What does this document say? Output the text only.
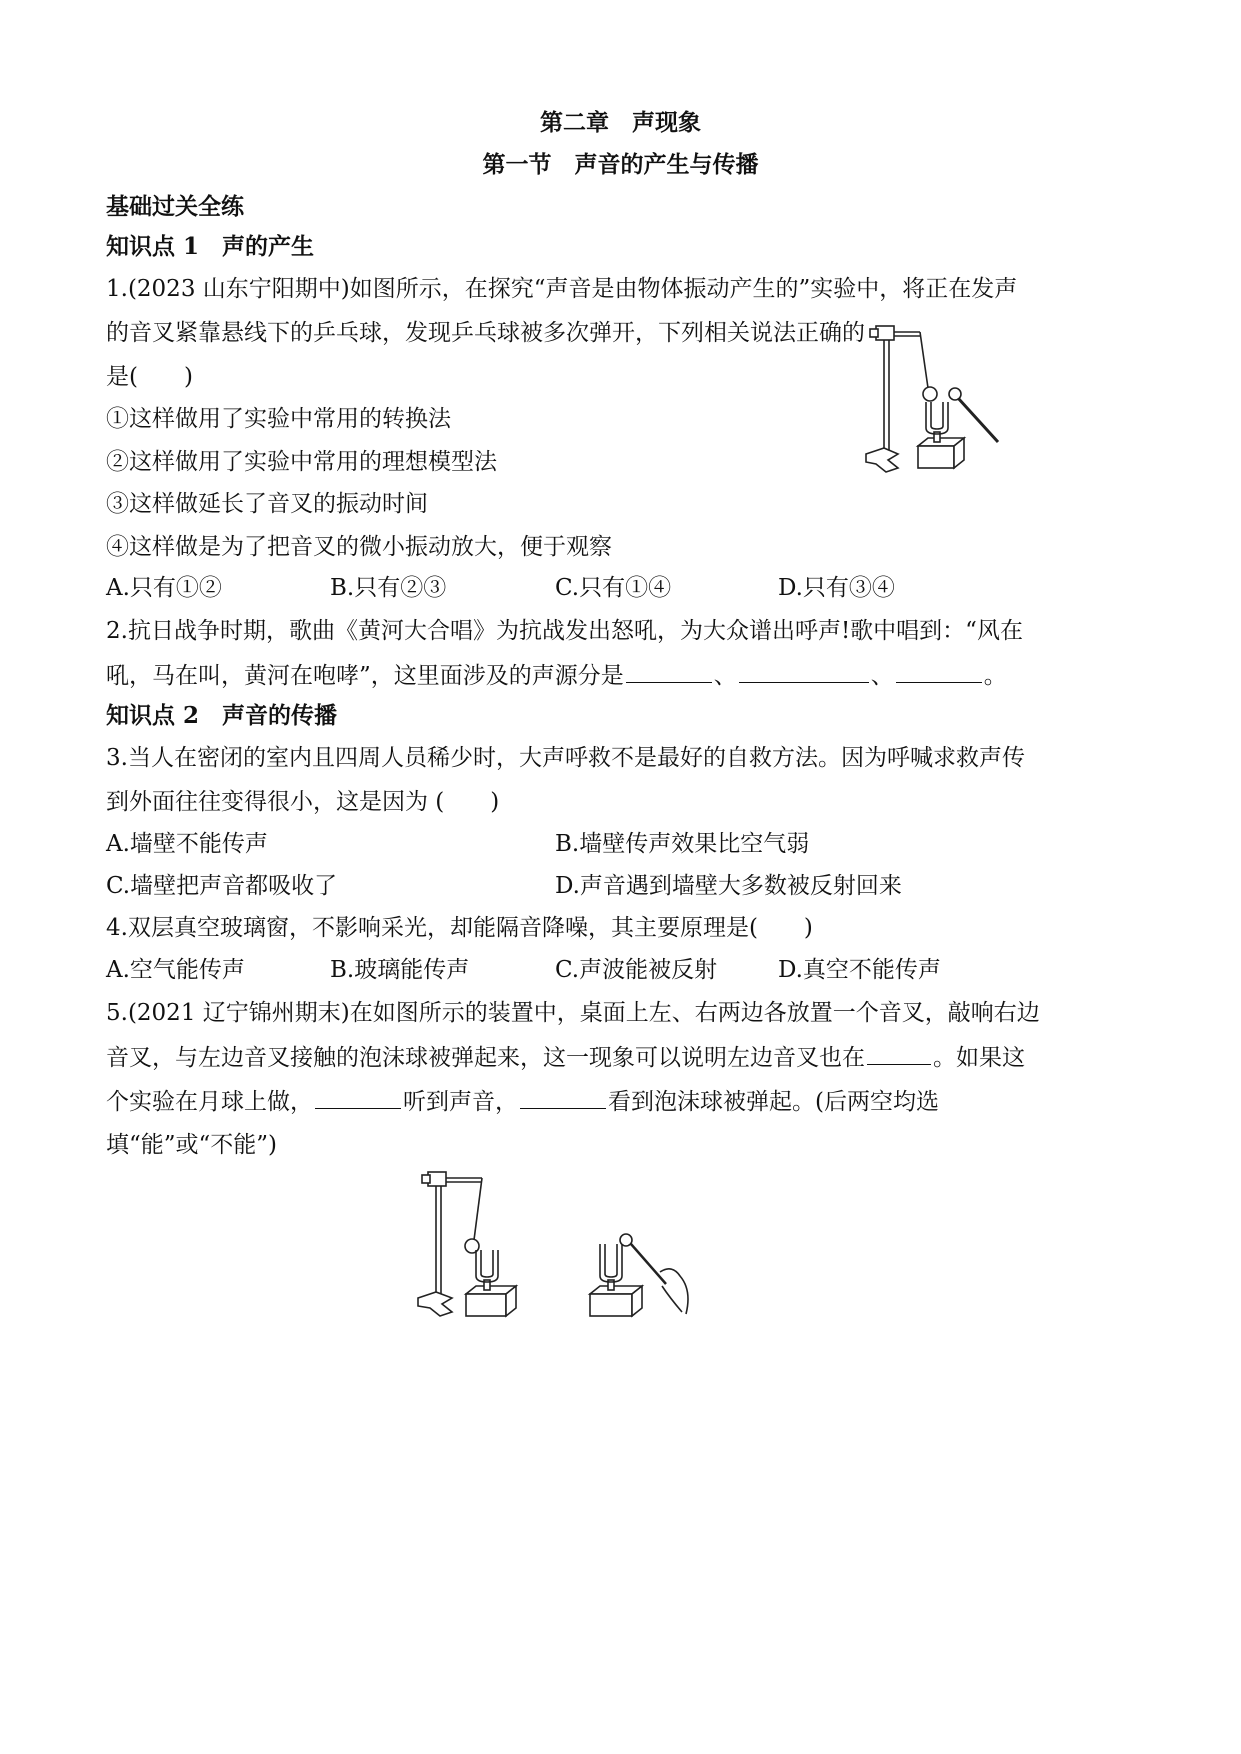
第二章　声现象
第一节　声音的产生与传播
基础过关全练
知识点 1　声的产生
1.(2023 山东宁阳期中)如图所示，在探究“声音是由物体振动产生的”实验中，将正在发声
的音叉紧靠悬线下的乒乓球，发现乒乓球被多次弹开，下列相关说法正确的
是(　　)
①这样做用了实验中常用的转换法
②这样做用了实验中常用的理想模型法
③这样做延长了音叉的振动时间
④这样做是为了把音叉的微小振动放大，便于观察
A.只有①②	B.只有②③	C.只有①④	D.只有③④
2.抗日战争时期，歌曲《黄河大合唱》为抗战发出怒吼，为大众谱出呼声!歌中唱到：“风在
吼，马在叫，黄河在咆哮”，这里面涉及的声源分是	、	、	。
知识点 2　声音的传播
3.当人在密闭的室内且四周人员稀少时，大声呼救不是最好的自救方法。因为呼喊求救声传
到外面往往变得很小，这是因为 (　　)
A.墙壁不能传声	B.墙壁传声效果比空气弱
C.墙壁把声音都吸收了	D.声音遇到墙壁大多数被反射回来
4.双层真空玻璃窗，不影响采光，却能隔音降噪，其主要原理是(　　)
A.空气能传声	B.玻璃能传声	C.声波能被反射	D.真空不能传声
5.(2021 辽宁锦州期末)在如图所示的装置中，桌面上左、右两边各放置一个音叉，敲响右边
音叉，与左边音叉接触的泡沫球被弹起来，这一现象可以说明左边音叉也在	。如果这
个实验在月球上做，	听到声音，	看到泡沫球被弹起。(后两空均选
填“能”或“不能”)
